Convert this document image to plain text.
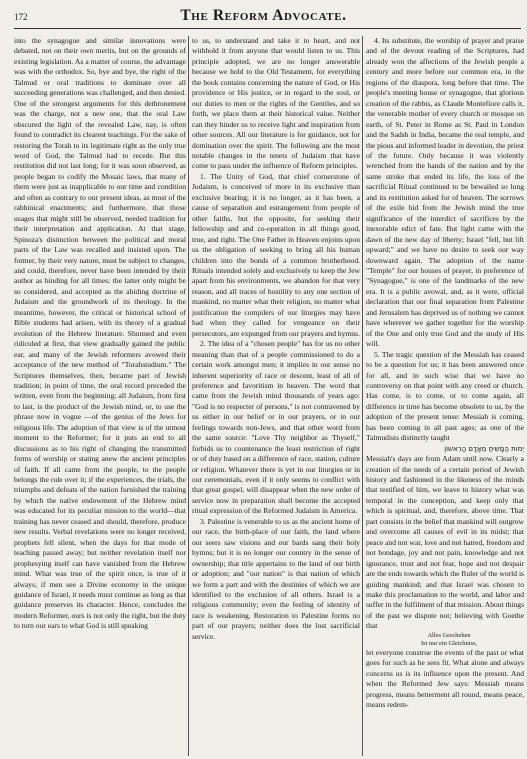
172	The Reform Advocate.

into the synagogue and similar innovations were debated, not on their own merits, but on the grounds of existing legislation. As a matter of course, the advantage was with the orthodox. So, bye and bye, the right of the Talmud or oral traditions to dominate over all succeeding generations was challenged, and then denied. One of the strongest arguments for this dethronement was the charge, not a new one, that the oral Law obscured the light of the revealed Law, nay, is often found to contradict its clearest teachings. For the sake of restoring the Torah to its legitimate right as the only true word of God, the Talmud had to recede. But this restitution did not last long; for it was soon observed, as people began to codify the Mosaic laws, that many of them were just as inapplicable to our time and condition and often as contrary to our present ideas, as most of the rabbinical enactments; and furthermore, that those usages that might still be observed, needed tradition for their interpretation and application. At that stage, Spinoza's distinction between the political and moral parts of the Law was recalled and insisted upon. The former, by their very nature, must be subject to changes, and could, therefore, never have been intended by their author as binding for all times; the latter only might be so considered, and accepted as the abiding doctrine of Judaism and the groundwork of its theology. In the meantime, however, the critical or historical school of Bible students had arisen, with its theory of a gradual evolution of the Hebrew literature. Shunned and even ridiculed at first, that view gradually gained the public ear, and many of the Jewish reformers avowed their acceptance of the new method of "Torahstudium." The Scriptures themselves, then, became part of Jewish tradition; in point of time, the oral record preceded the written, even from the beginning; all Judaism, from first to last, is the product of the Jewish mind, or, to use the phrase now in vogue —of the genius of the Jews for religious life. The adoption of that view is of the utmost moment to the Reformer; for it puts an end to all discussions as to his right of changing the transmitted forms of worship or stating anew the ancient principles of faith. If all came from the people, to the people belongs the rule over it; if the experiences, the trials, the triumphs and defeats of the nation furnished the training by which the native endowment of the Hebrew mind was educated for its peculiar mission to the world—that training has never ceased and should, therefore, produce new results. Verbal revelations were no longer received, prophets fell silent, when the days for that mode of teaching passed away; but neither revelation itself nor prophesying itself can have vanished from the Hebrew mind. What was true of the spirit once, is true of it always; if men see a Divine economy in the unique guidance of Israel, it needs must continue as long as that guidance preserves its character. Hence, concludes the modern Reformer, ours is not only the right, but the duty to turn our ears to what God is still speaking

to us, to understand and take it to heart, and not withhold it from anyone that would listen to us. This principle adopted, we are no longer answerable because we hold to the Old Testament, for everything the book contains concerning the nature of God, or His providence or His justice, or in regard to the soul, or our duties to men or the rights of the Gentiles, and so forth, we place them at their historical value. Neither can they hinder us to receive light and inspiration from other sources. All our literature is for guidance, not for domination over the spirit. The following are the most notable changes in the tenets of Judaism that have come to pass under the influence of Reform principles.

1. The Unity of God, that chief cornerstone of Judaism, is conceived of more in its exclusive than exclusive bearing; it is no longer, as it has been, a cause of separation and estrangement from people of other faiths, but the opposite, for seeking their fellowship and and co-operation in all things good, true, and right. The One Father in Heaven enjoins upon us the obligation of seeking to bring all his human children into the bonds of a common brotherhood. Rituals intended solely and exclusively to keep the Jew apart from his environments, we abandon for that very reason, and all traces of hostility to any one section of mankind, no matter what their religion, no matter what justification the compilers of our liturgies may have had when they called for vengeance on their persecutors, are expunged from our prayers and hymns.

2. The idea of a "chosen people" has for us no other meaning than that of a people commissioned to do a certain work amongst men; it implies in our sense no inherent superiority of race or descent, least of all of preference and favoritism in heaven. The word that came from the Jewish mind thousands of years ago: "God is no respecter of persons," is not contravened by us either in our belief or in our prayers, or in our feelings towards non-Jews, and that other word from the same source: "Love Thy neighbor as Thyself," forbids us to countenance the least restriction of right or of duty based on a difference of race, station, culture or religion. Whatever there is yet in our liturgies or in our ceremonials, even if it only seems to conflict with that great gospel, will disappear when the new order of service now in preparation shall become the accepted ritual expression of the Reformed Judaism in America.

3. Palestine is venerable to us as the ancient home of our race, the birth-place of our faith, the land where our seers saw visions and our bards sang their holy hymns; but it is no longer our country in the sense of ownership; that title appertains to the land of our birth or adoption; and "our nation" is that nation of which we form a part and with the destinies of which we are identified to the exclusion of all others. Israel is a religious community; even the feeling of identity of race is weakening. Restoration to Palestine forms no part of our prayers; neither does the lost sacrificial service.

4. Its substitute, the worship of prayer and praise and of the devout reading of the Scriptures, had already won the affections of the Jewish people a century and more before our common era, in the regions of the diaspora, long before that time. The people's meeting house or synagogue, that glorious creation of the rabbis, as Claude Montefiore calls it, the venerable mother of every church or mosque on earth, of St. Peter in Rome as St. Paul in London and the Sadsh in India, became the real temple, and the pious and informed leader in devotion, the priest of the future. Only because it was violently wrenched from the hands of the nation and by the same stroke that ended its life, the loss of the sacrificial Ritual continued to be bewailed so long and its restitution asked for of heaven. The sorrows of the exile hid from the Jewish mind the true significance of the interdict of sacrifices by the inexorable edict of fate. But light came with the dawn of the new day of liberty; Israel "fell, but lift upward;" and we have no desire to seek our way downward again. The adoption of the name "Temple" for our houses of prayer, in preference of "Synagogue," is one of the landmarks of the new era. It is a public avowal, and, as it were, official declaration that our final separation from Palestine and Jerusalem has deprived us of nothing we cannot have wherever we gather together for the worship of the One and only true God and the study of His will.

5. The tragic question of the Messiah has ceased to be a question for us; it has been answered once for all, and in such wise that we have no controversy on that point with any creed or church. Has come, is to come, or to come again, all difference in time has become obsolete to us, by the adoption of the present tense: Messiah is coming, has been coming in all past ages; as one of the Talmudists distinctly taught

יְמוֹת הַמָּשִׁיחַ מֵאָדָם הָרִאשׁוֹן

Messiah's days are from Adam until now. Clearly a creation of the needs of a certain period of Jewish history and fashioned in the likeness of the minds that testified of him, we leave to history what was temporal in the conception, and keep only that which is spiritual, and, therefore, above time. That part consists in the belief that mankind will outgrow and overcome all causes of evil in its midst; that peace and not war, love and not hatred, freedom and not bondage, joy and not pain, knowledge and not ignorance, trust and not fear, hope and not despair are the ends towards which the Ruler of the world is guiding mankind; and that Israel was chosen to make this proclamation to the world, and labor and suffer in the fulfilment of that mission. About things of the past we dispute not; believing with Goethe that

Alles Geschehen

Ist nur ein Gleichniss,

let everyone construe the events of the past or what goes for such as he sees fit. What alone and always concerns us is its influence upon the present. And when the Reformed Jew says: Messiah means progress, means betterment all round, means peace, means redem-
